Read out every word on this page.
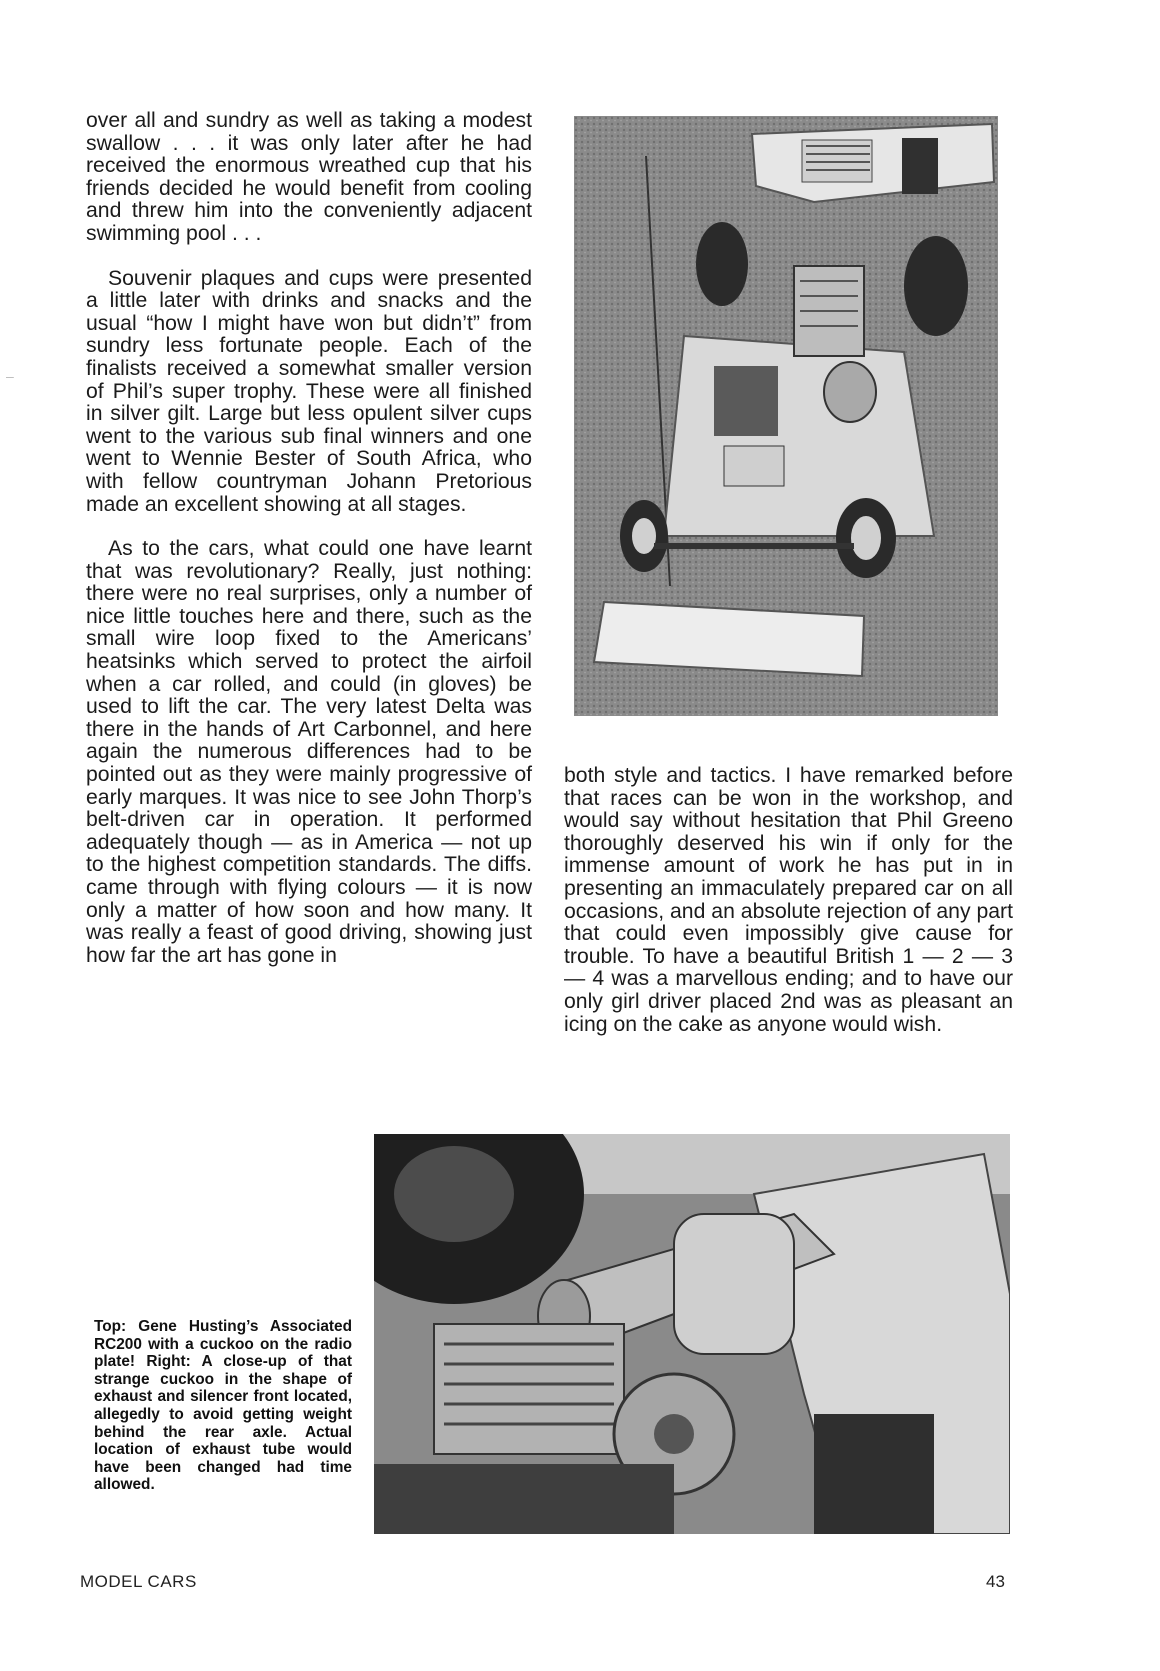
–

over all and sundry as well as taking a modest swallow . . . it was only later after he had received the enormous wreathed cup that his friends decided he would benefit from cooling and threw him into the conveniently adjacent swimming pool . . .

Souvenir plaques and cups were presented a little later with drinks and snacks and the usual “how I might have won but didn’t” from sundry less fortunate people. Each of the finalists received a somewhat smaller version of Phil’s super trophy. These were all finished in silver gilt. Large but less opulent silver cups went to the various sub final winners and one went to Wennie Bester of South Africa, who with fellow countryman Johann Pretorious made an excellent showing at all stages.

As to the cars, what could one have learnt that was revolutionary? Really, just nothing: there were no real surprises, only a number of nice little touches here and there, such as the small wire loop fixed to the Americans’ heatsinks which served to protect the airfoil when a car rolled, and could (in gloves) be used to lift the car. The very latest Delta was there in the hands of Art Carbonnel, and here again the numerous differences had to be pointed out as they were mainly progressive of early marques. It was nice to see John Thorp’s belt-driven car in operation. It performed adequately though — as in America — not up to the highest competition standards. The diffs. came through with flying colours — it is now only a matter of how soon and how many. It was really a feast of good driving, showing just how far the art has gone in

both style and tactics. I have remarked before that races can be won in the workshop, and would say without hesitation that Phil Greeno thoroughly deserved his win if only for the immense amount of work he has put in in presenting an immaculately prepared car on all occasions, and an absolute rejection of any part that could even impossibly give cause for trouble. To have a beautiful British 1 — 2 — 3 — 4 was a marvellous ending; and to have our only girl driver placed 2nd was as pleasant an icing on the cake as anyone would wish.

Top: Gene Husting’s Associated RC200 with a cuckoo on the radio plate! Right: A close-up of that strange cuckoo in the shape of exhaust and silencer front located, allegedly to avoid getting weight behind the rear axle. Actual location of exhaust tube would have been changed had time allowed.
MODEL CARS	43
